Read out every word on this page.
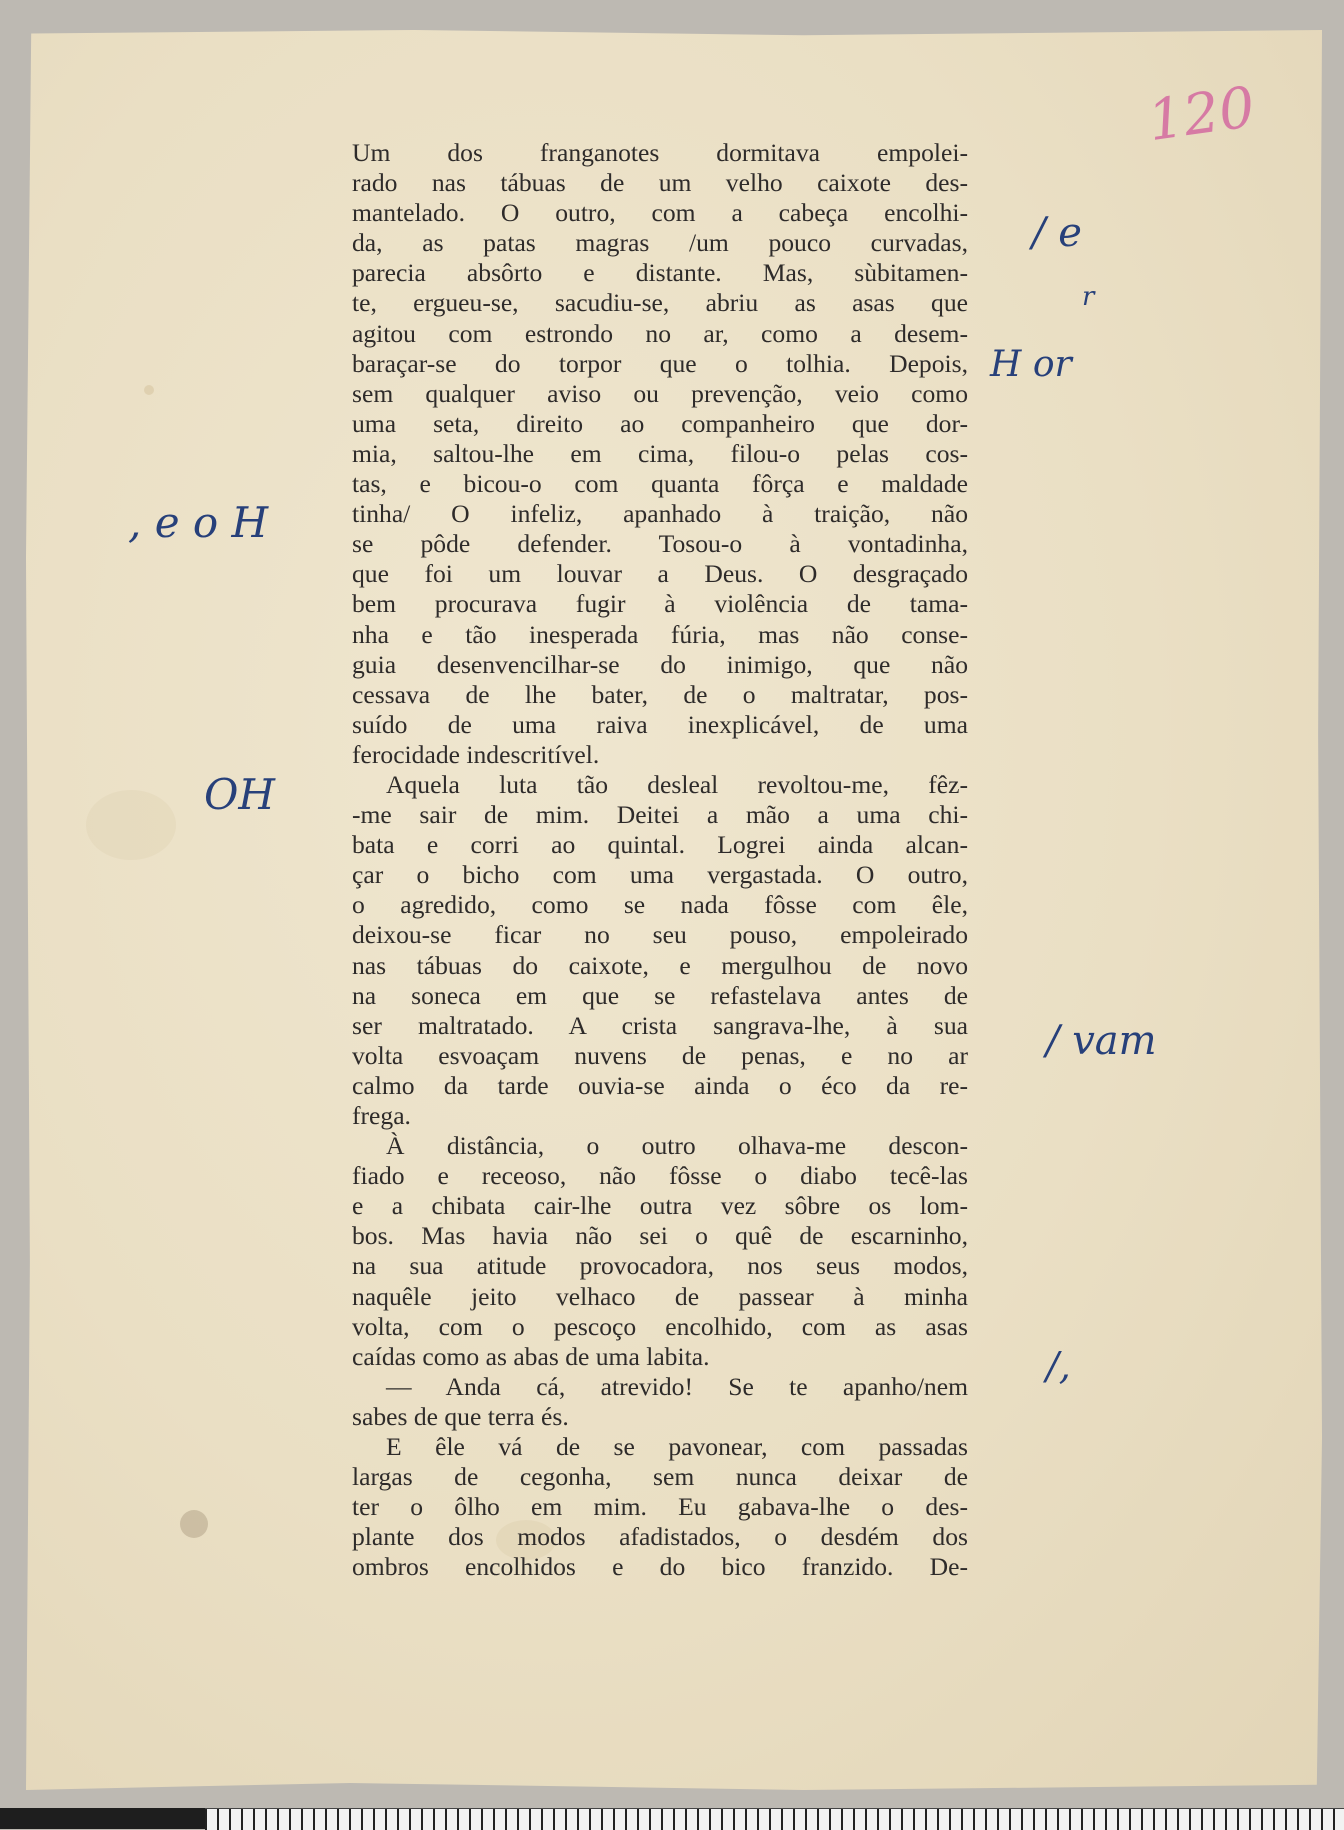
120
Um dos franganotes dormitava empolei-
rado nas tábuas de um velho caixote des-
mantelado. O outro, com a cabeça encolhi-
da, as patas magras /um pouco curvadas,
parecia absôrto e distante. Mas, sùbitamen-
te, ergueu-se, sacudiu-se, abriu as asas que
agitou com estrondo no ar, como a desem-
baraçar-se do torpor que o tolhia. Depois,
sem qualquer aviso ou prevenção, veio como
uma seta, direito ao companheiro que dor-
mia, saltou-lhe em cima, filou-o pelas cos-
tas, e bicou-o com quanta fôrça e maldade
tinha/ O infeliz, apanhado à traição, não
se pôde defender. Tosou-o à vontadinha,
que foi um louvar a Deus. O desgraçado
bem procurava fugir à violência de tama-
nha e tão inesperada fúria, mas não conse-
guia desenvencilhar-se do inimigo, que não
cessava de lhe bater, de o maltratar, pos-
suído de uma raiva inexplicável, de uma
ferocidade indescritível.
Aquela luta tão desleal revoltou-me, fêz-
-me sair de mim. Deitei a mão a uma chi-
bata e corri ao quintal. Logrei ainda alcan-
çar o bicho com uma vergastada. O outro,
o agredido, como se nada fôsse com êle,
deixou-se ficar no seu pouso, empoleirado
nas tábuas do caixote, e mergulhou de novo
na soneca em que se refastelava antes de
ser maltratado. A crista sangrava-lhe, à sua
volta esvoaçam nuvens de penas, e no ar
calmo da tarde ouvia-se ainda o éco da re-
frega.
À distância, o outro olhava-me descon-
fiado e receoso, não fôsse o diabo tecê-las
e a chibata cair-lhe outra vez sôbre os lom-
bos. Mas havia não sei o quê de escarninho,
na sua atitude provocadora, nos seus modos,
naquêle jeito velhaco de passear à minha
volta, com o pescoço encolhido, com as asas
caídas como as abas de uma labita.
— Anda cá, atrevido! Se te apanho/nem
sabes de que terra és.
E êle vá de se pavonear, com passadas
largas de cegonha, sem nunca deixar de
ter o ôlho em mim. Eu gabava-lhe o des-
plante dos modos afadistados, o desdém dos
ombros encolhidos e do bico franzido. De-
/ e
r
H or
, e o H
OH
/ vam
/,
